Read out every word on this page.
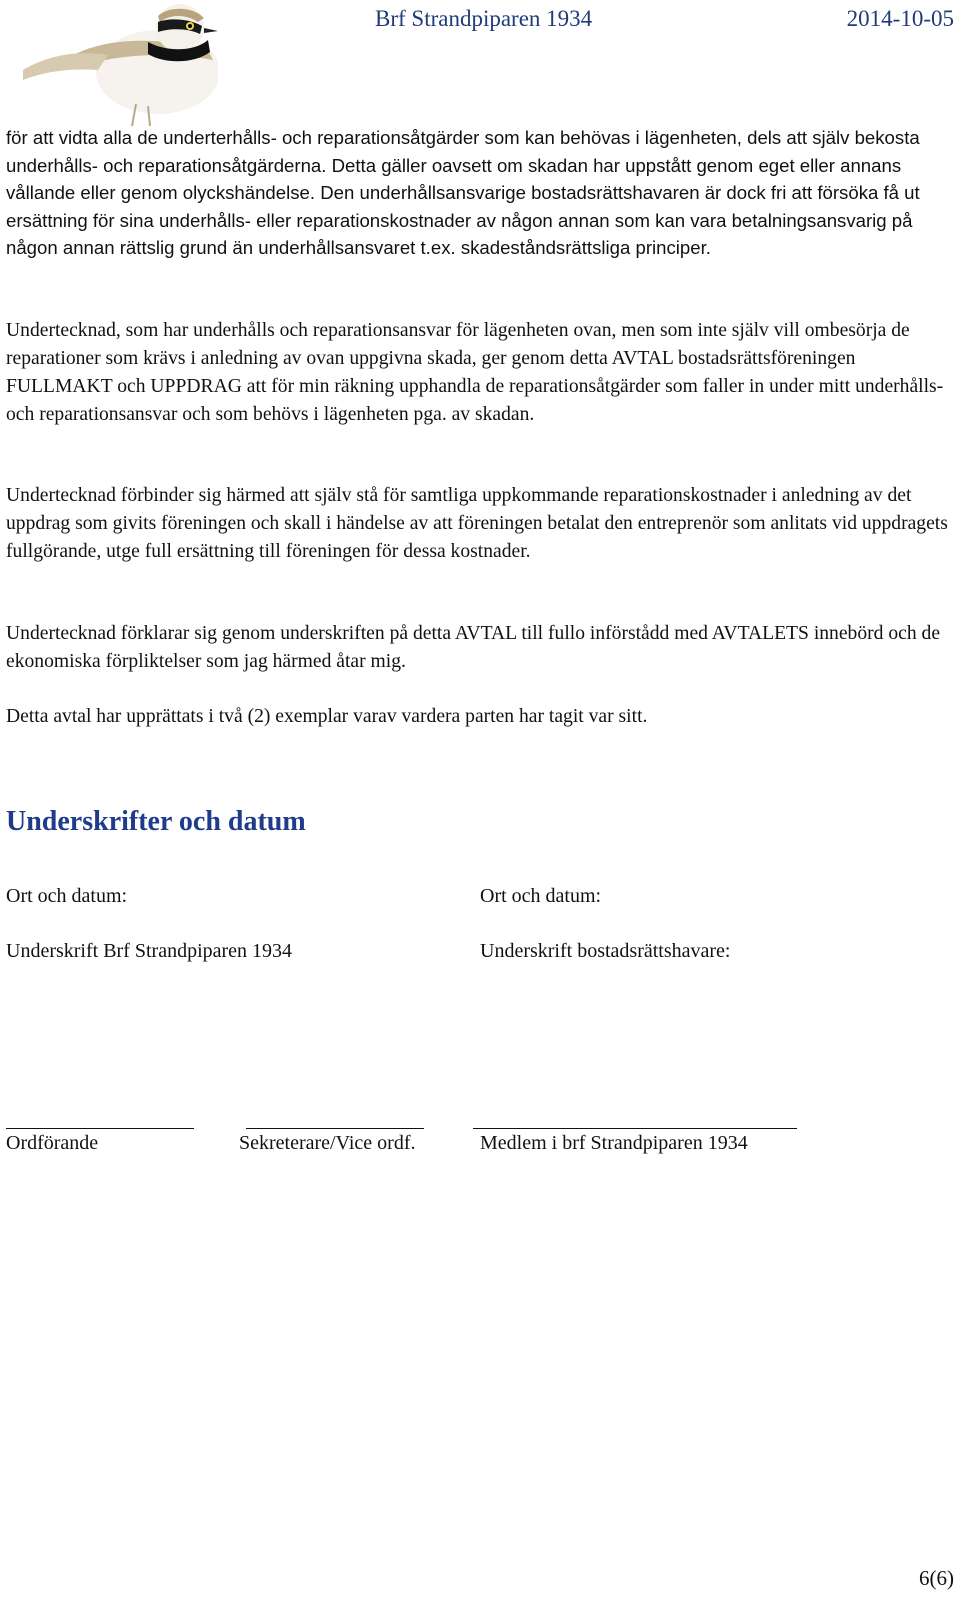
Brf Strandpiparen 1934	2014-10-05

för att vidta alla de underterhålls- och reparationsåtgärder som kan behövas i lägenheten, dels att själv bekosta underhålls- och reparationsåtgärderna. Detta gäller oavsett om skadan har uppstått genom eget eller annans vållande eller genom olyckshändelse. Den underhållsansvarige bostadsrättshavaren är dock fri att försöka få ut ersättning för sina underhålls- eller reparationskostnader av någon annan som kan vara betalningsansvarig på någon annan rättslig grund än underhållsansvaret t.ex. skadeståndsrättsliga principer.

Undertecknad, som har underhålls och reparationsansvar för lägenheten ovan, men som inte själv vill ombesörja de reparationer som krävs i anledning av ovan uppgivna skada, ger genom detta AVTAL bostadsrättsföreningen FULLMAKT och UPPDRAG att för min räkning upphandla de reparationsåtgärder som faller in under mitt underhålls- och reparationsansvar och som behövs i lägenheten pga. av skadan.

Undertecknad förbinder sig härmed att själv stå för samtliga uppkommande reparationskostnader i anledning av det uppdrag som givits föreningen och skall i händelse av att föreningen betalat den entreprenör som anlitats vid uppdragets fullgörande, utge full ersättning till föreningen för dessa kostnader.

Undertecknad förklarar sig genom underskriften på detta AVTAL till fullo införstådd med AVTALETS innebörd och de ekonomiska förpliktelser som jag härmed åtar mig.

Detta avtal har upprättats i två (2) exemplar varav vardera parten har tagit var sitt.

Underskrifter och datum
Ort och datum:	Ort och datum:
Underskrift Brf Strandpiparen 1934	Underskrift bostadsrättshavare:
Ordförande	Sekreterare/Vice ordf.	Medlem i brf Strandpiparen 1934
6(6)
